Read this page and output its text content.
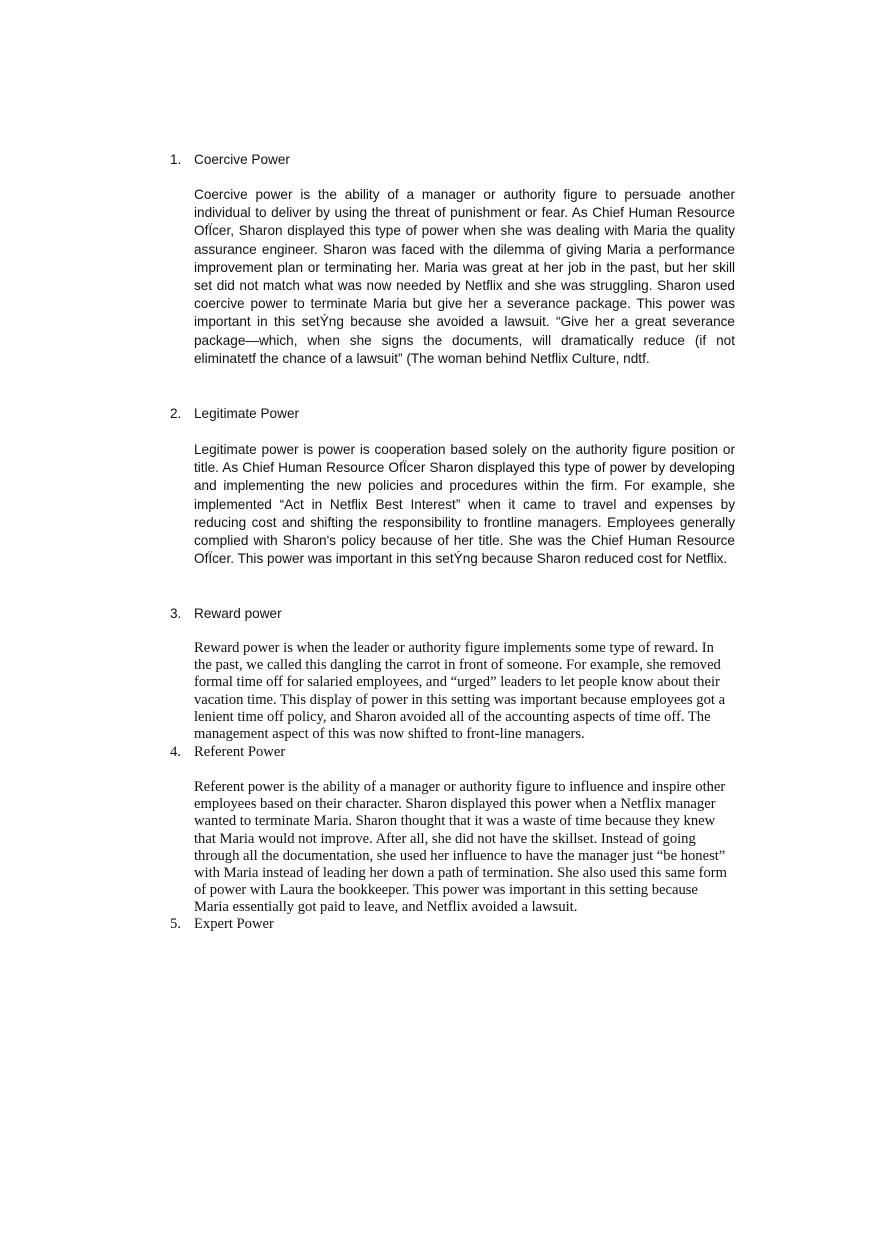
1. Coercive Power

Coercive power is the ability of a manager or authority figure to persuade another individual to deliver by using the threat of punishment or fear. As Chief Human Resource OfÏcer, Sharon displayed this type of power when she was dealing with Maria the quality assurance engineer. Sharon was faced with the dilemma of giving Maria a performance improvement plan or terminating her. Maria was great at her job in the past, but her skill set did not match what was now needed by Netflix and she was struggling. Sharon used coercive power to terminate Maria but give her a severance package. This power was important in this setÝng because she avoided a lawsuit. “Give her a great severance package—which, when she signs the documents, will dramatically reduce (if not eliminatetf the chance of a lawsuit” (The woman behind Netflix Culture, ndtf.

2. Legitimate Power

Legitimate power is power is cooperation based solely on the authority figure position or title. As Chief Human Resource OfÏcer Sharon displayed this type of power by developing and implementing the new policies and procedures within the firm. For example, she implemented “Act in Netflix Best Interest” when it came to travel and expenses by reducing cost and shifting the responsibility to frontline managers. Employees generally complied with Sharon's policy because of her title. She was the Chief Human Resource OfÏcer. This power was important in this setÝng because Sharon reduced cost for Netflix.

3. Reward power

Reward power is when the leader or authority figure implements some type of reward. In the past, we called this dangling the carrot in front of someone. For example, she removed formal time off for salaried employees, and “urged” leaders to let people know about their vacation time. This display of power in this setting was important because employees got a lenient time off policy, and Sharon avoided all of the accounting aspects of time off. The management aspect of this was now shifted to front-line managers.

4. Referent Power

Referent power is the ability of a manager or authority figure to influence and inspire other employees based on their character. Sharon displayed this power when a Netflix manager wanted to terminate Maria. Sharon thought that it was a waste of time because they knew that Maria would not improve. After all, she did not have the skillset. Instead of going through all the documentation, she used her influence to have the manager just “be honest” with Maria instead of leading her down a path of termination. She also used this same form of power with Laura the bookkeeper. This power was important in this setting because Maria essentially got paid to leave, and Netflix avoided a lawsuit.

5. Expert Power
